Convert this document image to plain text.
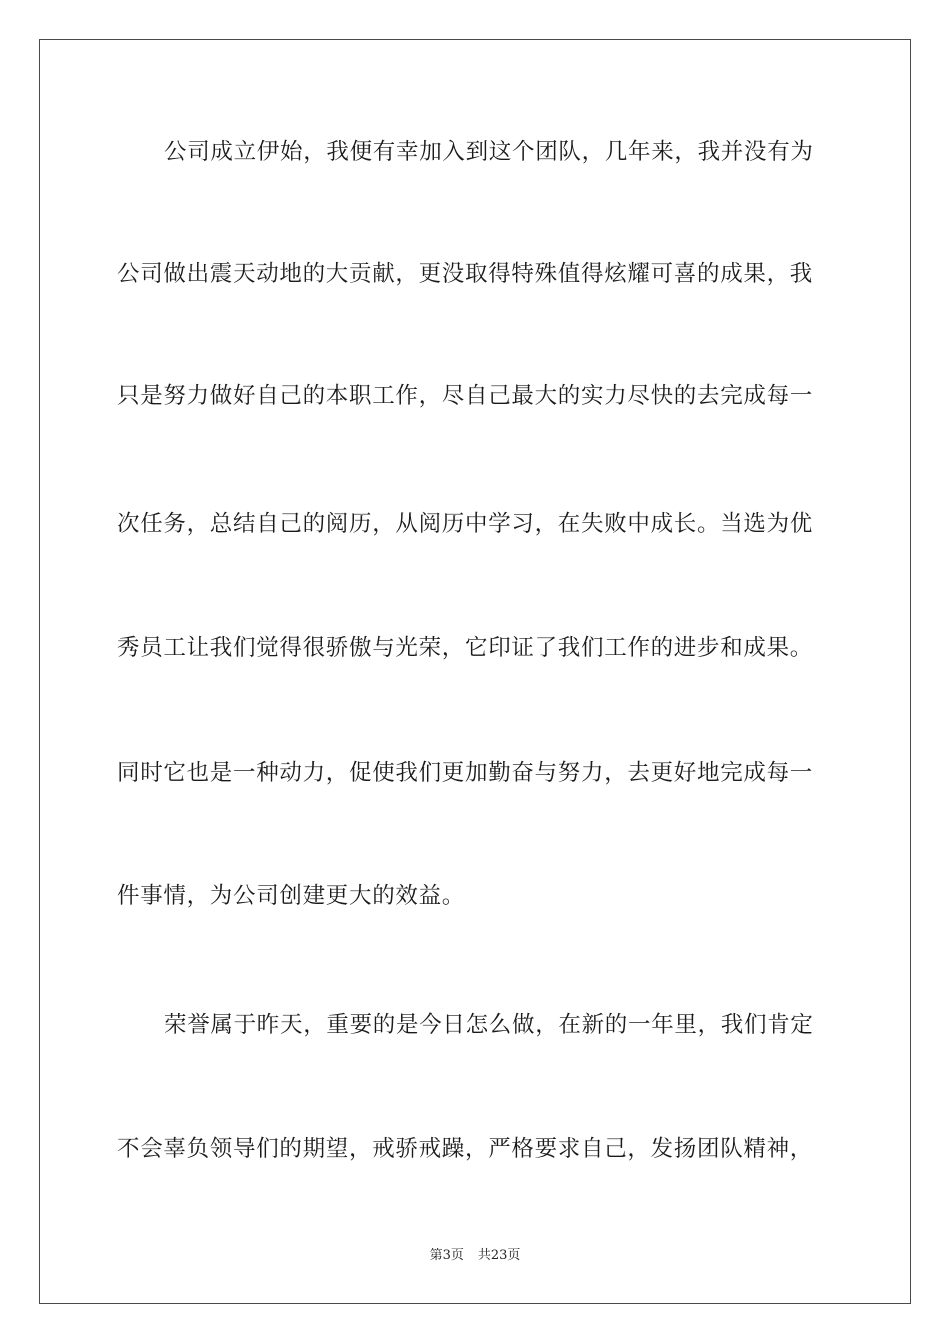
公司成立伊始，我便有幸加入到这个团队，几年来，我并没有为
公司做出震天动地的大贡献，更没取得特殊值得炫耀可喜的成果，我
只是努力做好自己的本职工作，尽自己最大的实力尽快的去完成每一
次任务，总结自己的阅历，从阅历中学习，在失败中成长。当选为优
秀员工让我们觉得很骄傲与光荣，它印证了我们工作的进步和成果。
同时它也是一种动力，促使我们更加勤奋与努力，去更好地完成每一
件事情，为公司创建更大的效益。
荣誉属于昨天，重要的是今日怎么做，在新的一年里，我们肯定
不会辜负领导们的期望，戒骄戒躁，严格要求自己，发扬团队精神，
第3页 共23页
